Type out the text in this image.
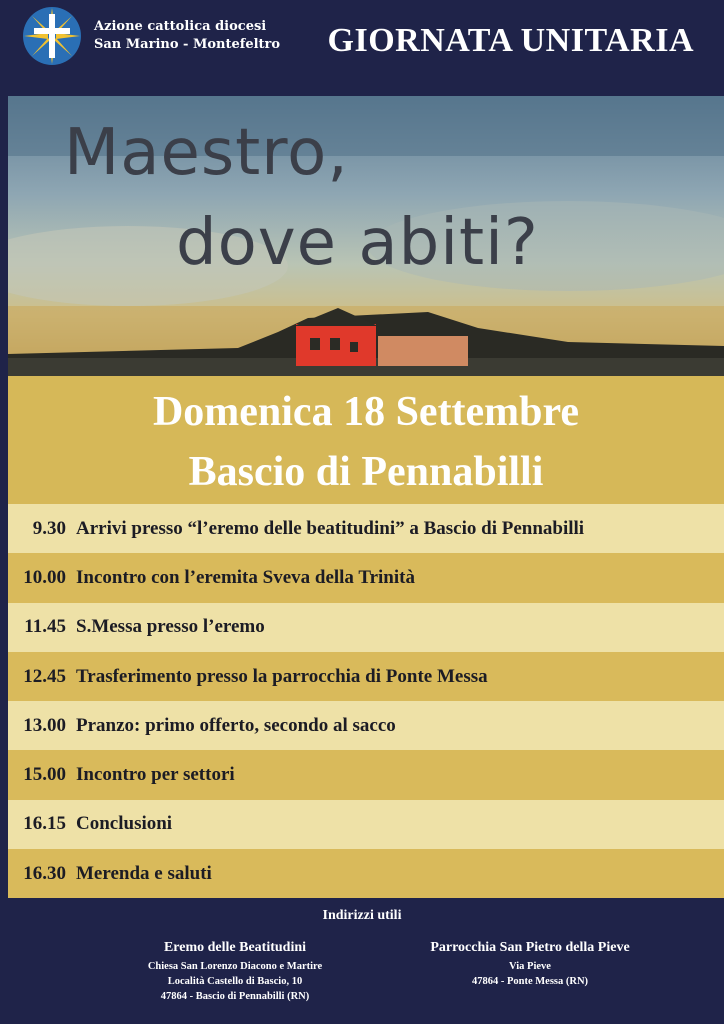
Azione cattolica diocesi
San Marino - Montefeltro GIORNATA UNITARIA
Maestro,
dove abiti?
Domenica 18 Settembre
Bascio di Pennabilli
9.30 Arrivi presso “l’eremo delle beatitudini” a Bascio di Pennabilli
10.00 Incontro con l’eremita Sveva della Trinità
11.45 S.Messa presso l’eremo
12.45 Trasferimento presso la parrocchia di Ponte Messa
13.00 Pranzo: primo offerto, secondo al sacco
15.00 Incontro per settori
16.15 Conclusioni
16.30 Merenda e saluti
Indirizzi utili
Eremo delle Beatitudini
Chiesa San Lorenzo Diacono e Martire
Località Castello di Bascio, 10
47864 - Bascio di Pennabilli (RN)
Parrocchia San Pietro della Pieve
Via Pieve
47864 - Ponte Messa (RN)
